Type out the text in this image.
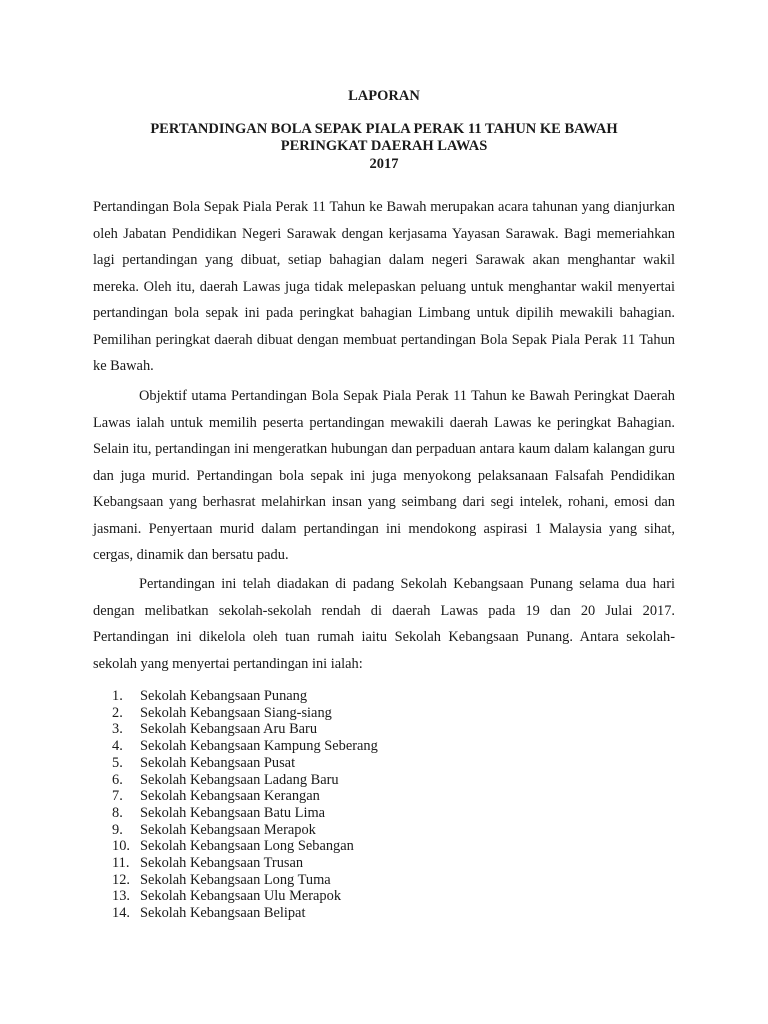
LAPORAN
PERTANDINGAN BOLA SEPAK PIALA PERAK 11 TAHUN KE BAWAH
PERINGKAT DAERAH LAWAS
2017

Pertandingan Bola Sepak Piala Perak 11 Tahun ke Bawah merupakan acara tahunan yang dianjurkan oleh Jabatan Pendidikan Negeri Sarawak dengan kerjasama Yayasan Sarawak. Bagi memeriahkan lagi pertandingan yang dibuat, setiap bahagian dalam negeri Sarawak akan menghantar wakil mereka. Oleh itu, daerah Lawas juga tidak melepaskan peluang untuk menghantar wakil menyertai pertandingan bola sepak ini pada peringkat bahagian Limbang untuk dipilih mewakili bahagian. Pemilihan peringkat daerah dibuat dengan membuat pertandingan Bola Sepak Piala Perak 11 Tahun ke Bawah.

Objektif utama Pertandingan Bola Sepak Piala Perak 11 Tahun ke Bawah Peringkat Daerah Lawas ialah untuk memilih peserta pertandingan mewakili daerah Lawas ke peringkat Bahagian. Selain itu, pertandingan ini mengeratkan hubungan dan perpaduan antara kaum dalam kalangan guru dan juga murid. Pertandingan bola sepak ini juga menyokong pelaksanaan Falsafah Pendidikan Kebangsaan yang berhasrat melahirkan insan yang seimbang dari segi intelek, rohani, emosi dan jasmani. Penyertaan murid dalam pertandingan ini mendokong aspirasi 1 Malaysia yang sihat, cergas, dinamik dan bersatu padu.

Pertandingan ini telah diadakan di padang Sekolah Kebangsaan Punang selama dua hari dengan melibatkan sekolah-sekolah rendah di daerah Lawas pada 19 dan 20 Julai 2017. Pertandingan ini dikelola oleh tuan rumah iaitu Sekolah Kebangsaan Punang. Antara sekolah-sekolah yang menyertai pertandingan ini ialah:

1.	Sekolah Kebangsaan Punang
2.	Sekolah Kebangsaan Siang-siang
3.	Sekolah Kebangsaan Aru Baru
4.	Sekolah Kebangsaan Kampung Seberang
5.	Sekolah Kebangsaan Pusat
6.	Sekolah Kebangsaan Ladang Baru
7.	Sekolah Kebangsaan Kerangan
8.	Sekolah Kebangsaan Batu Lima
9.	Sekolah Kebangsaan Merapok
10. Sekolah Kebangsaan Long Sebangan
11. Sekolah Kebangsaan Trusan
12. Sekolah Kebangsaan Long Tuma
13. Sekolah Kebangsaan Ulu Merapok
14. Sekolah Kebangsaan Belipat
